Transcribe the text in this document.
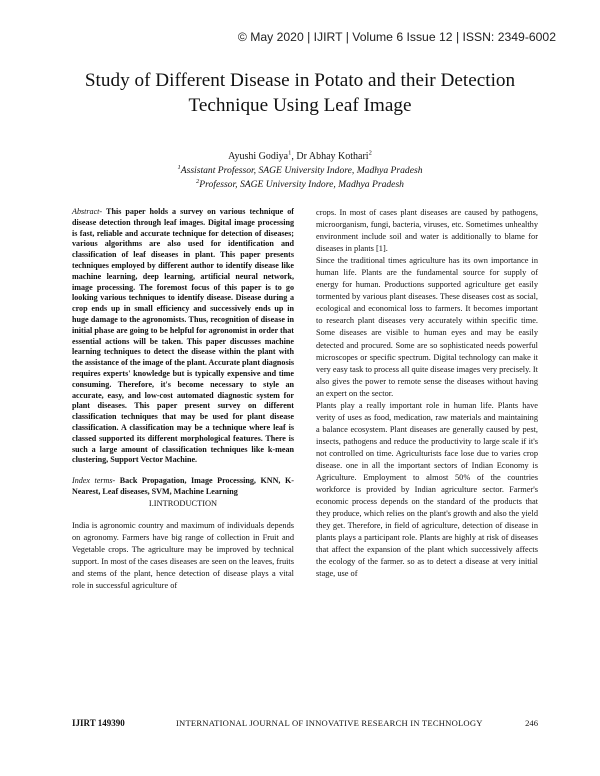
© May 2020 | IJIRT | Volume 6 Issue 12 | ISSN: 2349-6002
Study of Different Disease in Potato and their Detection
Technique Using Leaf Image
Ayushi Godiya$^1$, Dr Abhay Kothari$^2$
$^1$Assistant Professor, SAGE University Indore, Madhya Pradesh
$^2$Professor, SAGE University Indore, Madhya Pradesh

Abstract- This paper holds a survey on various technique of disease detection through leaf images. Digital image processing is fast, reliable and accurate technique for detection of diseases; various algorithms are also used for identification and classification of leaf diseases in plant. This paper presents techniques employed by different author to identify disease like machine learning, deep learning, artificial neural network, image processing. The foremost focus of this paper is to go looking various techniques to identify disease. Disease during a crop ends up in small efficiency and successively ends up in huge damage to the agronomists. Thus, recognition of disease in initial phase are going to be helpful for agronomist in order that essential actions will be taken. This paper discusses machine learning techniques to detect the disease within the plant with the assistance of the image of the plant. Accurate plant diagnosis requires experts' knowledge but is typically expensive and time consuming. Therefore, it's become necessary to style an accurate, easy, and low-cost automated diagnostic system for plant diseases. This paper present survey on different classification techniques that may be used for plant disease classification. A classification may be a technique where leaf is classed supported its different morphological features. There is such a large amount of classification techniques like k-mean clustering, Support Vector Machine.

Index terms- Back Propagation, Image Processing, KNN, K- Nearest, Leaf diseases, SVM, Machine Learning

I.INTRODUCTION

India is agronomic country and maximum of individuals depends on agronomy. Farmers have big range of collection in Fruit and Vegetable crops. The agriculture may be improved by technical support. In most of the cases diseases are seen on the leaves, fruits and stems of the plant, hence detection of disease plays a vital role in successful agriculture of

crops. In most of cases plant diseases are caused by pathogens, microorganism, fungi, bacteria, viruses, etc. Sometimes unhealthy environment include soil and water is additionally to blame for diseases in plants [1].

Since the traditional times agriculture has its own importance in human life. Plants are the fundamental source for supply of energy for human. Productions supported agriculture get easily tormented by various plant diseases. These diseases cost as social, ecological and economical loss to farmers. It becomes important to research plant diseases very accurately within specific time. Some diseases are visible to human eyes and may be easily detected and procured. Some are so sophisticated needs powerful microscopes or specific spectrum. Digital technology can make it very easy task to process all quite disease images very precisely. It also gives the power to remote sense the diseases without having an expert on the sector.

Plants play a really important role in human life. Plants have verity of uses as food, medication, raw materials and maintaining a balance ecosystem. Plant diseases are generally caused by pest, insects, pathogens and reduce the productivity to large scale if it's not controlled on time. Agriculturists face lose due to varies crop disease. one in all the important sectors of Indian Economy is Agriculture. Employment to almost 50% of the countries workforce is provided by Indian agriculture sector. Farmer's economic process depends on the standard of the products that they produce, which relies on the plant's growth and also the yield they get. Therefore, in field of agriculture, detection of disease in plants plays a participant role. Plants are highly at risk of diseases that affect the expansion of the plant which successively affects the ecology of the farmer. so as to detect a disease at very initial stage, use of

IJIRT 149390	INTERNATIONAL JOURNAL OF INNOVATIVE RESEARCH IN TECHNOLOGY	246
